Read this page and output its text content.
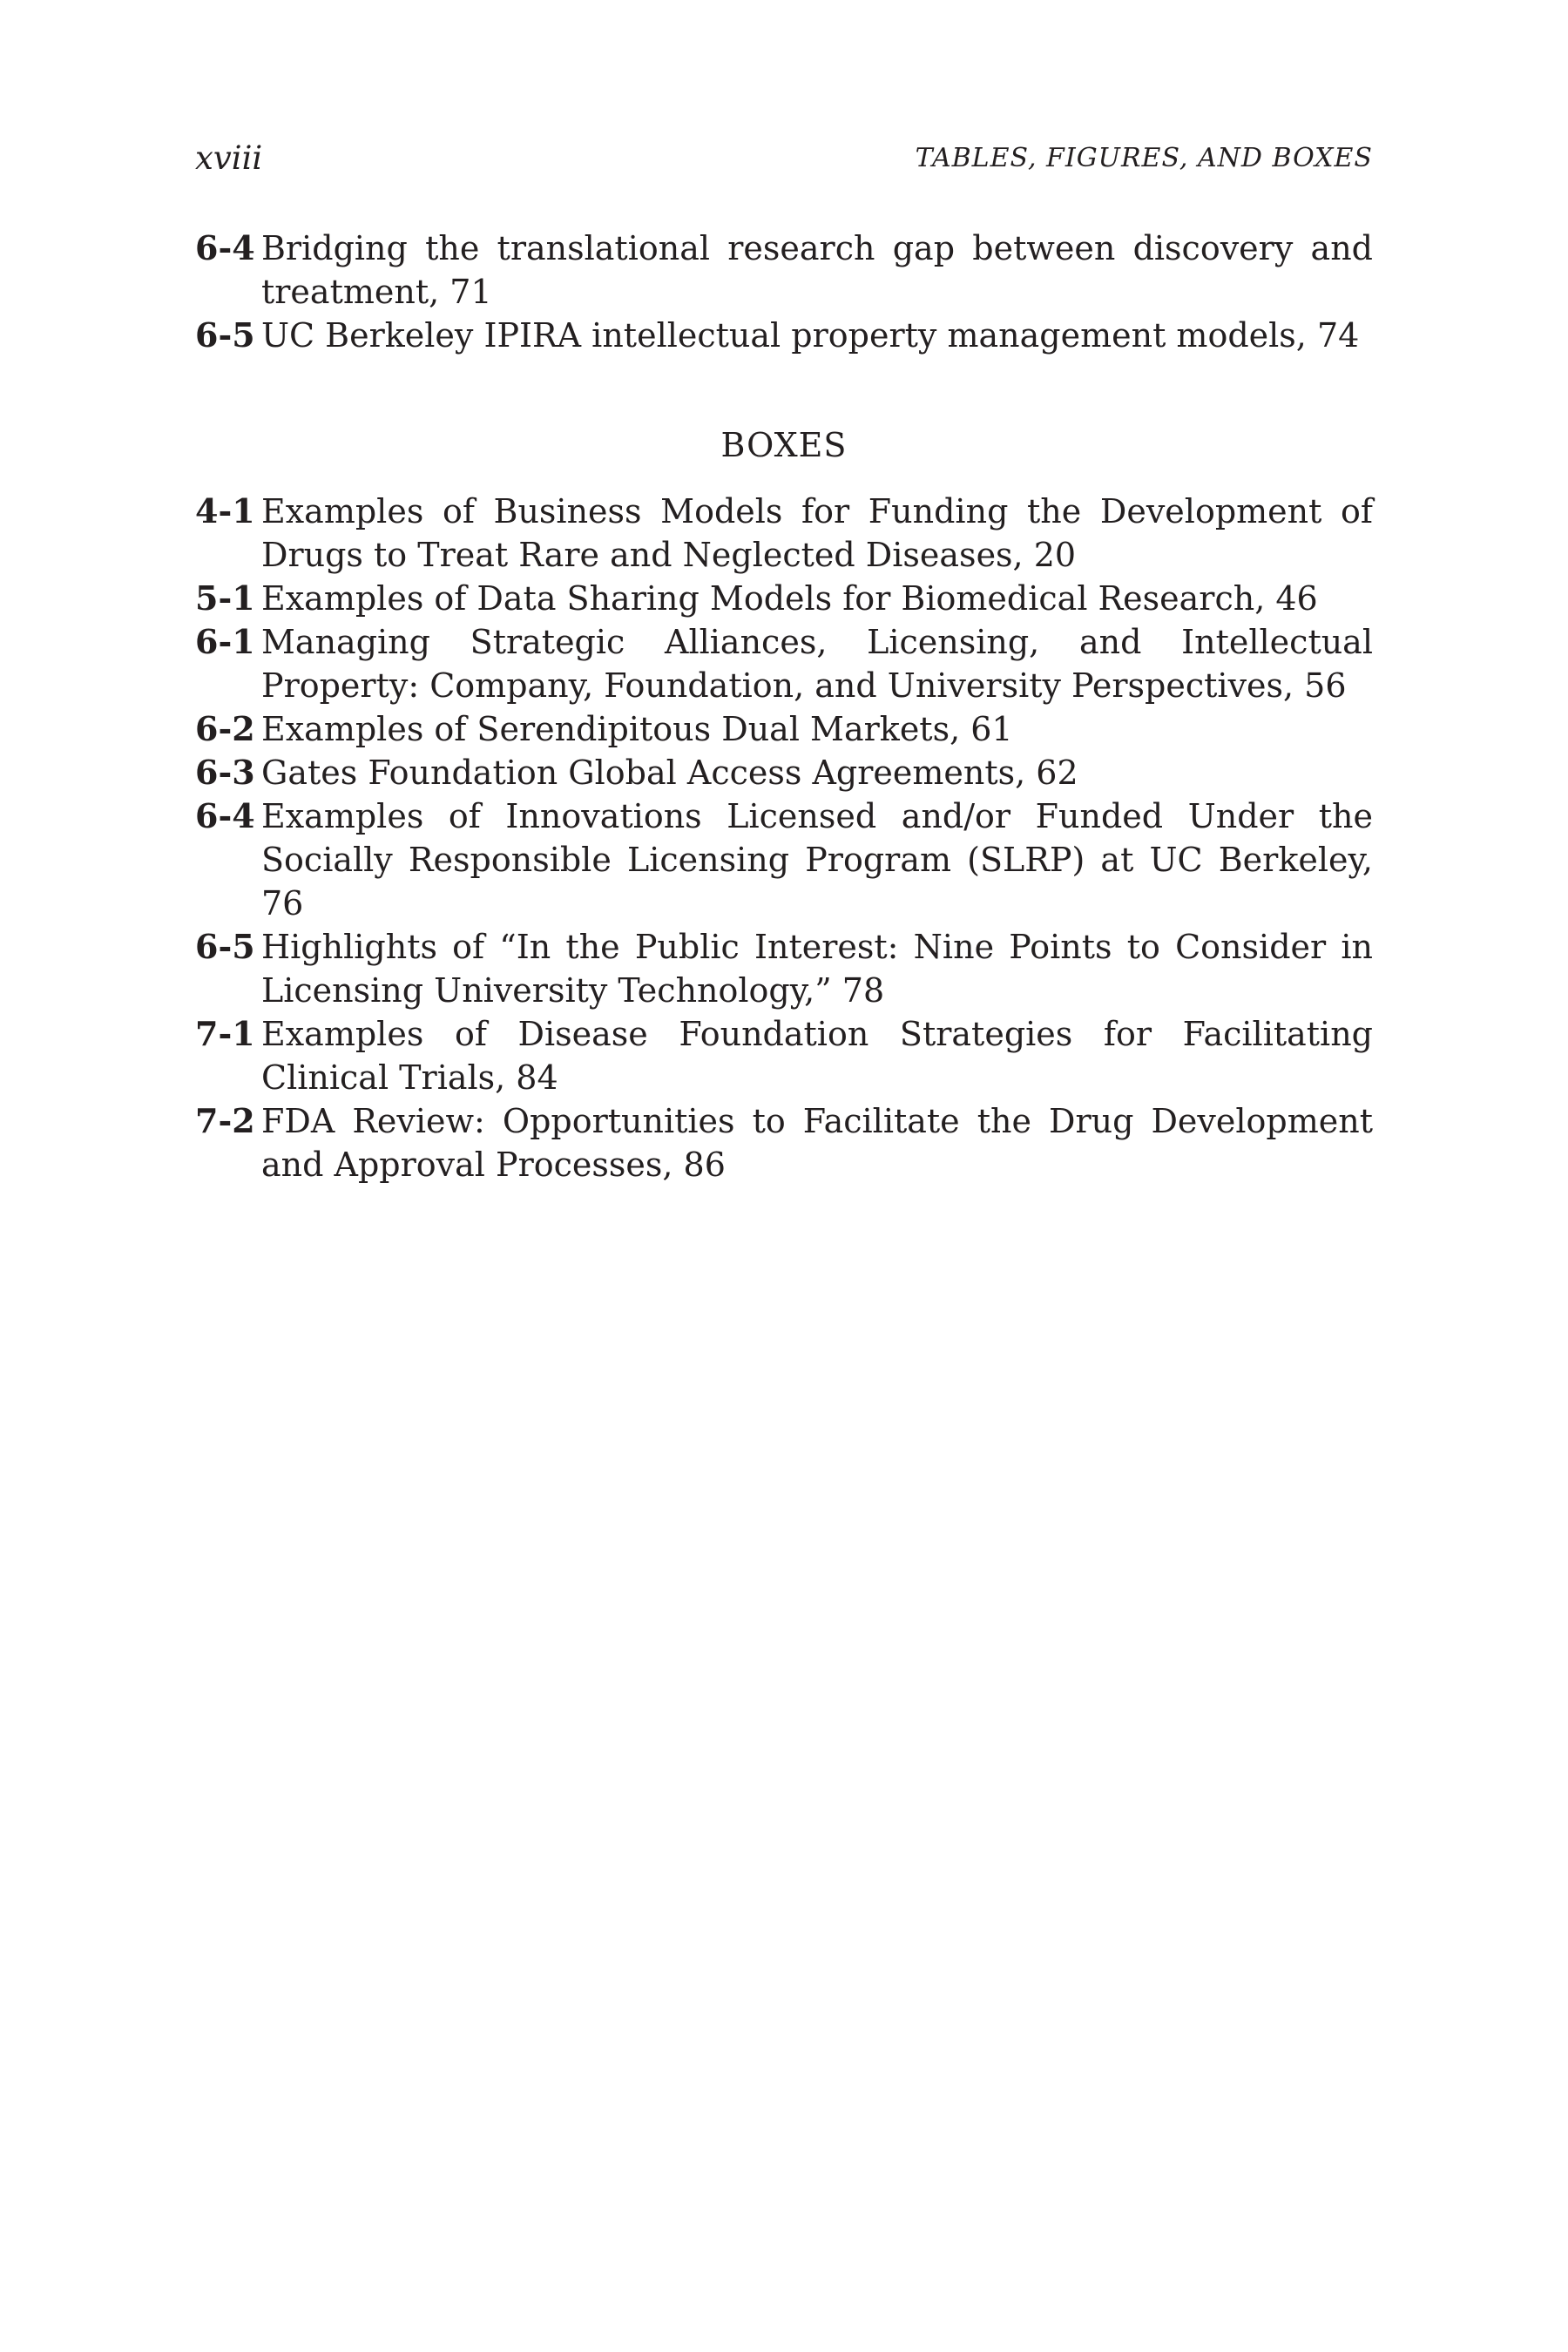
xviii	TABLES, FIGURES, AND BOXES
6-4 Bridging the translational research gap between discovery and treatment, 71
6-5 UC Berkeley IPIRA intellectual property management models, 74
BOXES
4-1 Examples of Business Models for Funding the Development of Drugs to Treat Rare and Neglected Diseases, 20
5-1 Examples of Data Sharing Models for Biomedical Research, 46
6-1 Managing Strategic Alliances, Licensing, and Intellectual Property: Company, Foundation, and University Perspectives, 56
6-2 Examples of Serendipitous Dual Markets, 61
6-3 Gates Foundation Global Access Agreements, 62
6-4 Examples of Innovations Licensed and/or Funded Under the Socially Responsible Licensing Program (SLRP) at UC Berkeley, 76
6-5 Highlights of “In the Public Interest: Nine Points to Consider in Licensing University Technology,” 78
7-1 Examples of Disease Foundation Strategies for Facilitating Clinical Trials, 84
7-2 FDA Review: Opportunities to Facilitate the Drug Development and Approval Processes, 86
